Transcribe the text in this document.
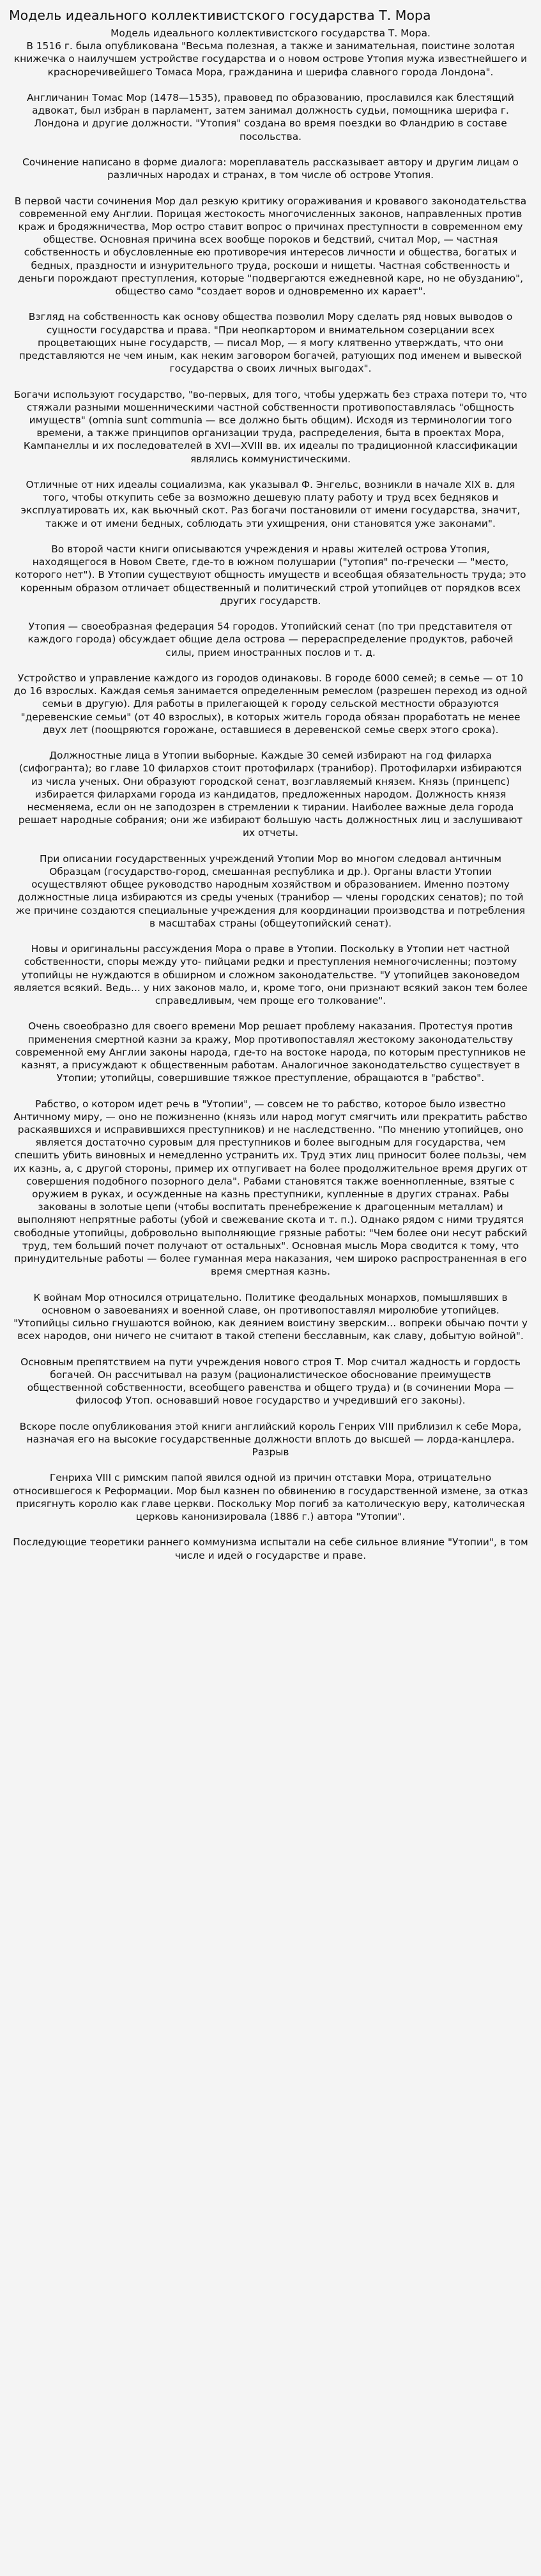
Модель идеального коллективистского государства Т. Мора

Модель идеального коллективистского государства Т. Мора.
В 1516 г. была опубликована "Весьма полезная, а также и занимательная, поистине золотая книжечка о наилучшем устройстве государства и о новом острове Утопия мужа известнейшего и красноречивейшего Томаса Мора, гражданина и шерифа славного города Лондона".

Англичанин Томас Мор (1478—1535), правовед по образованию, прославился как блестящий адвокат, был избран в парламент, затем занимал должность судьи, помощника шерифа г. Лондона и другие должности. "Утопия" создана во время поездки во Фландрию в составе посольства.

Сочинение написано в форме диалога: мореплаватель рассказывает автору и другим лицам о различных народах и странах, в том числе об острове Утопия.

В первой части сочинения Мор дал резкую критику огораживания и кровавого законодательства современной ему Англии. Порицая жестокость многочисленных законов, направленных против краж и бродяжничества, Мор остро ставит вопрос о причинах преступности в современном ему обществе. Основная причина всех вообще пороков и бедствий, считал Мор, — частная собственность и обусловленные ею противоречия интересов личности и общества, богатых и бедных, праздности и изнурительного труда, роскоши и нищеты. Частная собственность и деньги порождают преступления, которые "подвергаются ежедневной каре, но не обузданию", общество само "создает воров и одновременно их карает".

Взгляд на собственность как основу общества позволил Мору сделать ряд новых выводов о сущности государства и права. "При неопкартором и внимательном созерцании всех процветающих ныне государств, — писал Мор, — я могу клятвенно утверждать, что они представляются не чем иным, как неким заговором богачей, ратующих под именем и вывеской государства о своих личных выгодах".

Богачи используют государство, "во-первых, для того, чтобы удержать без страха потери то, что стяжали разными мошенническими частной собственности противопоставлялась "общность имуществ" (omnia sunt communia — все должно быть общим). Исходя из терминологии того времени, а также принципов организации труда, распределения, быта в проектах Мора, Кампанеллы и их последователей в XVI—XVIII вв. их идеалы по традиционной классификации являлись коммунистическими.

Отличные от них идеалы социализма, как указывал Ф. Энгельс, возникли в начале XIX в. для того, чтобы откупить себе за возможно дешевую плату работу и труд всех бедняков и эксплуатировать их, как вьючный скот. Раз богачи постановили от имени государства, значит, также и от имени бедных, соблюдать эти ухищрения, они становятся уже законами".

Во второй части книги описываются учреждения и нравы жителей острова Утопия, находящегося в Новом Свете, где-то в южном полушарии ("утопия" по-гречески — "место, которого нет"). В Утопии существуют общность имуществ и всеобщая обязательность труда; это коренным образом отличает общественный и политический строй утопийцев от порядков всех других государств.

Утопия — своеобразная федерация 54 городов. Утопийский сенат (по три представителя от каждого города) обсуждает общие дела острова — перераспределение продуктов, рабочей силы, прием иностранных послов и т. д.

Устройство и управление каждого из городов одинаковы. В городе 6000 семей; в семье — от 10 до 16 взрослых. Каждая семья занимается определенным ремеслом (разрешен переход из одной семьи в другую). Для работы в прилегающей к городу сельской местности образуются "деревенские семьи" (от 40 взрослых), в которых житель города обязан проработать не менее двух лет (поощряются горожане, оставшиеся в деревенской семье сверх этого срока).

Должностные лица в Утопии выборные. Каждые 30 семей избирают на год филарха (сифогранта); во главе 10 филархов стоит протофиларх (транибор). Протофилархи избираются из числа ученых. Они образуют городской сенат, возглавляемый князем. Князь (принцепс) избирается филархами города из кандидатов, предложенных народом. Должность князя несменяема, если он не заподозрен в стремлении к тирании. Наиболее важные дела города решает народные собрания; они же избирают большую часть должностных лиц и заслушивают их отчеты.

При описании государственных учреждений Утопии Мор во многом следовал античным Образцам (государство-город, смешанная республика и др.). Органы власти Утопии осуществляют общее руководство народным хозяйством и образованием. Именно поэтому должностные лица избираются из среды ученых (транибор — члены городских сенатов); по той же причине создаются специальные учреждения для координации производства и потребления в масштабах страны (общеутопийский сенат).

Новы и оригинальны рассуждения Мора о праве в Утопии. Поскольку в Утопии нет частной собственности, споры между уто- пийцами редки и преступления немногочисленны; поэтому утопийцы не нуждаются в обширном и сложном законодательстве. "У утопийцев законоведом является всякий. Ведь... у них законов мало, и, кроме того, они признают всякий закон тем более справедливым, чем проще его толкование".

Очень своеобразно для своего времени Мор решает проблему наказания. Протестуя против применения смертной казни за кражу, Мор противопоставлял жестокому законодательству современной ему Англии законы народа, где-то на востоке народа, по которым преступников не казнят, а присуждают к общественным работам. Аналогичное законодательство существует в Утопии; утопийцы, совершившие тяжкое преступление, обращаются в "рабство".

Рабство, о котором идет речь в "Утопии", — совсем не то рабство, которое было известно Античному миру, — оно не пожизненно (князь или народ могут смягчить или прекратить рабство раскаявшихся и исправившихся преступников) и не наследственно. "По мнению утопийцев, оно является достаточно суровым для преступников и более выгодным для государства, чем спешить убить виновных и немедленно устранить их. Труд этих лиц приносит более пользы, чем их казнь, а, с другой стороны, пример их отпугивает на более продолжительное время других от совершения подобного позорного дела". Рабами становятся также военнопленные, взятые с оружием в руках, и осужденные на казнь преступники, купленные в других странах. Рабы закованы в золотые цепи (чтобы воспитать пренебрежение к драгоценным металлам) и выполняют непрятные работы (убой и свежевание скота и т. п.). Однако рядом с ними трудятся свободные утопийцы, добровольно выполняющие грязные работы: "Чем более они несут рабский труд, тем больший почет получают от остальных". Основная мысль Мора сводится к тому, что принудительные работы — более гуманная мера наказания, чем широко распространенная в его время смертная казнь.

К войнам Мор относился отрицательно. Политике феодальных монархов, помышлявших в основном о завоеваниях и военной славе, он противопоставлял миролюбие утопийцев. "Утопийцы сильно гнушаются войною, как деянием воистину зверским... вопреки обычаю почти у всех народов, они ничего не считают в такой степени бесславным, как славу, добытую войной".

Основным препятствием на пути учреждения нового строя Т. Мор считал жадность и гордость богачей. Он рассчитывал на разум (рационалистическое обоснование преимуществ общественной собственности, всеобщего равенства и общего труда) и (в сочинении Мора — философ Утоп. основавший новое государство и учредивший его законы).

Вскоре после опубликования этой книги английский король Генрих VIII приблизил к себе Мора, назначая его на высокие государственные должности вплоть до высшей — лорда-канцлера. Разрыв

Генриха VIII с римским папой явился одной из причин отставки Мора, отрицательно относившегося к Реформации. Мор был казнен по обвинению в государственной измене, за отказ присягнуть королю как главе церкви. Поскольку Мор погиб за католическую веру, католическая церковь канонизировала (1886 г.) автора "Утопии".

Последующие теоретики раннего коммунизма испытали на себе сильное влияние "Утопии", в том числе и идей о государстве и праве.
